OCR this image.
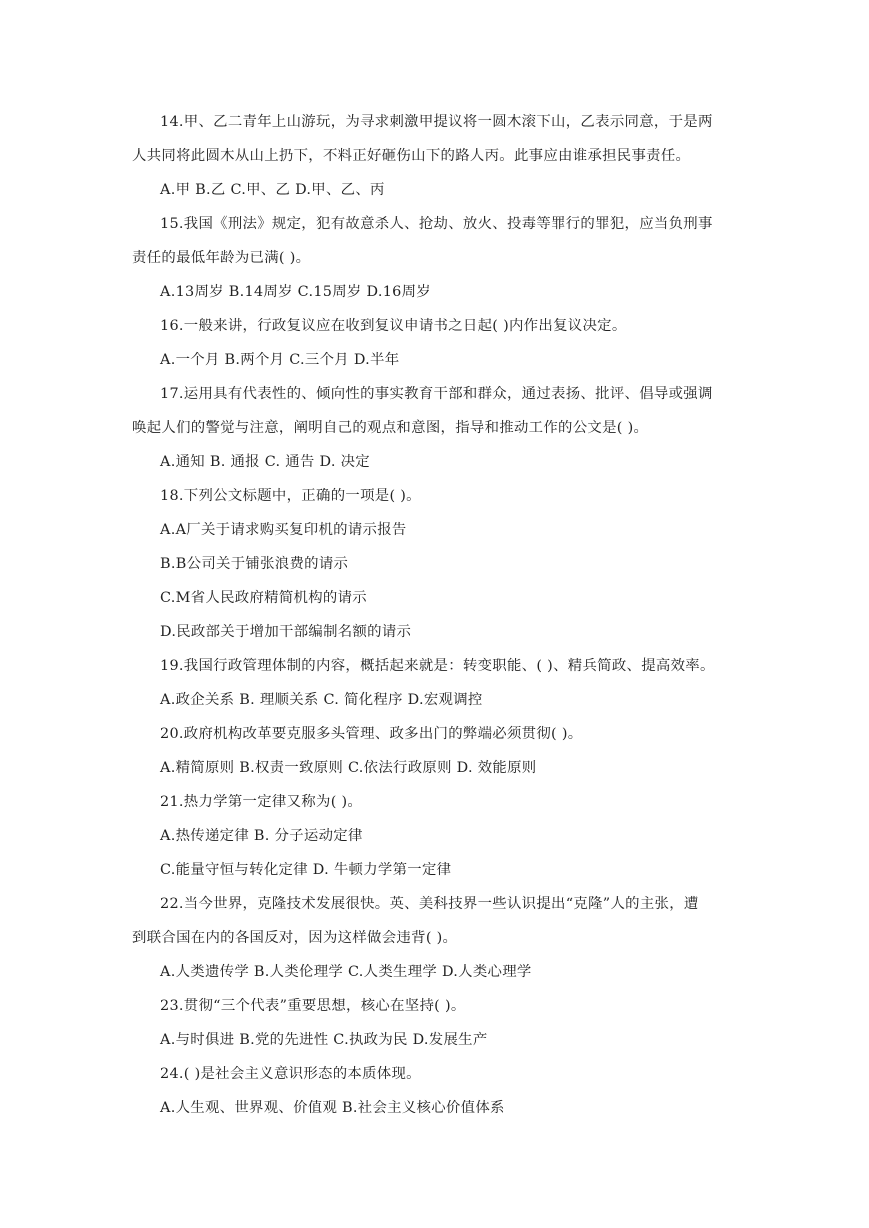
14.甲、乙二青年上山游玩，为寻求刺激甲提议将一圆木滚下山，乙表示同意，于是两
人共同将此圆木从山上扔下，不料正好砸伤山下的路人丙。此事应由谁承担民事责任。
A.甲 B.乙 C.甲、乙 D.甲、乙、丙
15.我国《刑法》规定，犯有故意杀人、抢劫、放火、投毒等罪行的罪犯，应当负刑事
责任的最低年龄为已满( )。
A.13周岁 B.14周岁 C.15周岁 D.16周岁
16.一般来讲，行政复议应在收到复议申请书之日起( )内作出复议决定。
A.一个月 B.两个月 C.三个月 D.半年
17.运用具有代表性的、倾向性的事实教育干部和群众，通过表扬、批评、倡导或强调
唤起人们的警觉与注意，阐明自己的观点和意图，指导和推动工作的公文是( )。
A.通知 B. 通报 C. 通告 D. 决定
18.下列公文标题中，正确的一项是( )。
A.A厂关于请求购买复印机的请示报告
B.B公司关于铺张浪费的请示
C.M省人民政府精简机构的请示
D.民政部关于增加干部编制名额的请示
19.我国行政管理体制的内容，概括起来就是：转变职能、( )、精兵简政、提高效率。
A.政企关系 B. 理顺关系 C. 简化程序 D.宏观调控
20.政府机构改革要克服多头管理、政多出门的弊端必须贯彻( )。
A.精简原则 B.权责一致原则 C.依法行政原则 D. 效能原则
21.热力学第一定律又称为( )。
A.热传递定律 B. 分子运动定律
C.能量守恒与转化定律 D. 牛顿力学第一定律
22.当今世界，克隆技术发展很快。英、美科技界一些认识提出“克隆”人的主张，遭
到联合国在内的各国反对，因为这样做会违背( )。
A.人类遗传学 B.人类伦理学 C.人类生理学 D.人类心理学
23.贯彻“三个代表”重要思想，核心在坚持( )。
A.与时俱进 B.党的先进性 C.执政为民 D.发展生产
24.( )是社会主义意识形态的本质体现。
A.人生观、世界观、价值观 B.社会主义核心价值体系
